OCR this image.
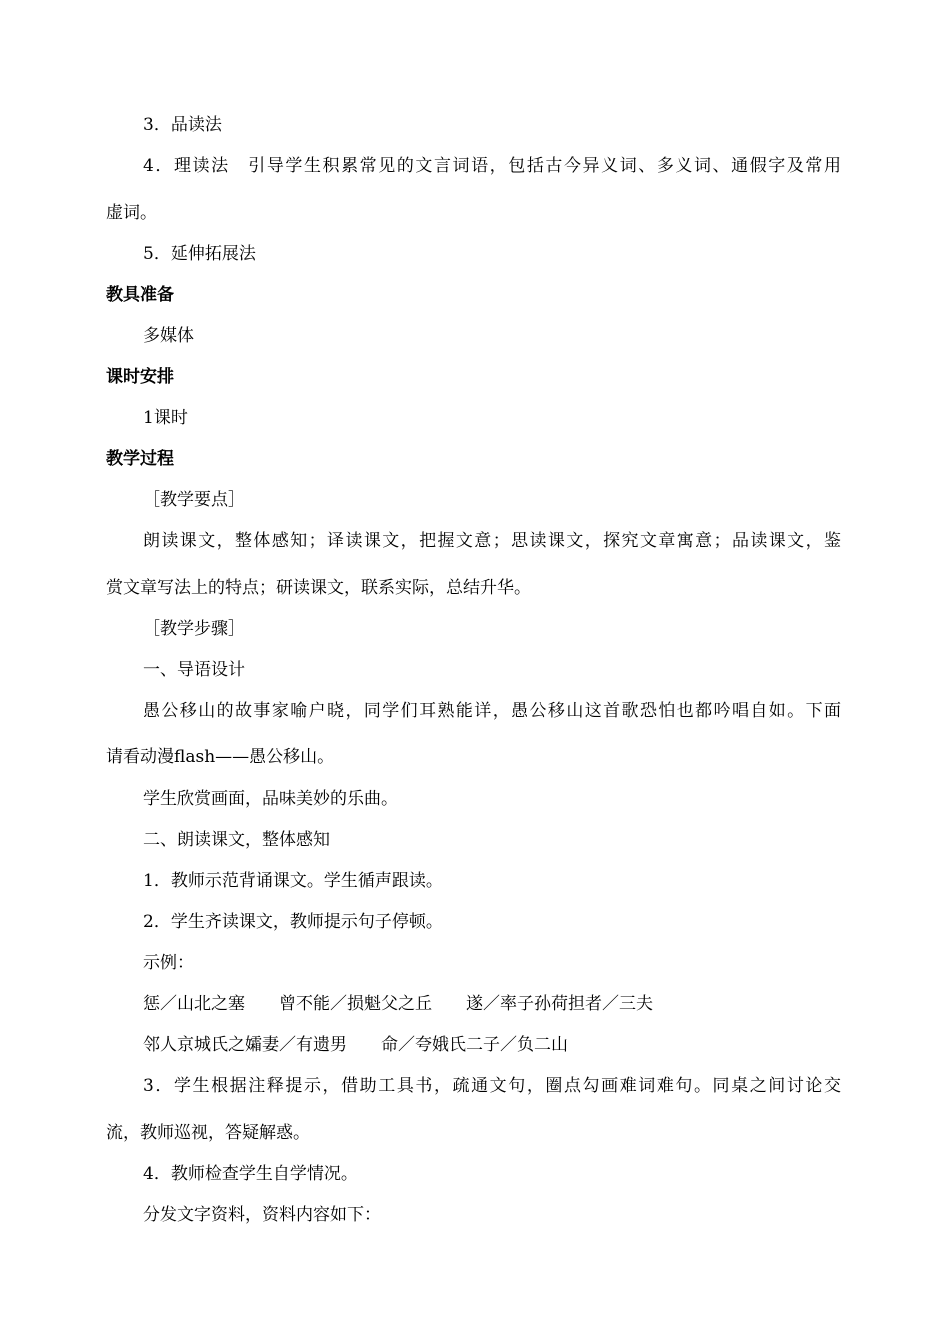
3．品读法

4．理读法　引导学生积累常见的文言词语，包括古今异义词、多义词、通假字及常用

虚词。

5．延伸拓展法

教具准备

多媒体

课时安排

1课时

教学过程

［教学要点］

朗读课文，整体感知；译读课文，把握文意；思读课文，探究文章寓意；品读课文，鉴

赏文章写法上的特点；研读课文，联系实际，总结升华。

［教学步骤］

一、导语设计

愚公移山的故事家喻户晓，同学们耳熟能详，愚公移山这首歌恐怕也都吟唱自如。下面

请看动漫flash——愚公移山。

学生欣赏画面，品味美妙的乐曲。

二、朗读课文，整体感知

1．教师示范背诵课文。学生循声跟读。

2．学生齐读课文，教师提示句子停顿。

示例：

惩／山北之塞　　曾不能／损魁父之丘　　遂／率子孙荷担者／三夫

邻人京城氏之孀妻／有遗男　　命／夸娥氏二子／负二山

3．学生根据注释提示，借助工具书，疏通文句，圈点勾画难词难句。同桌之间讨论交

流，教师巡视，答疑解惑。

4．教师检查学生自学情况。

分发文字资料，资料内容如下：
